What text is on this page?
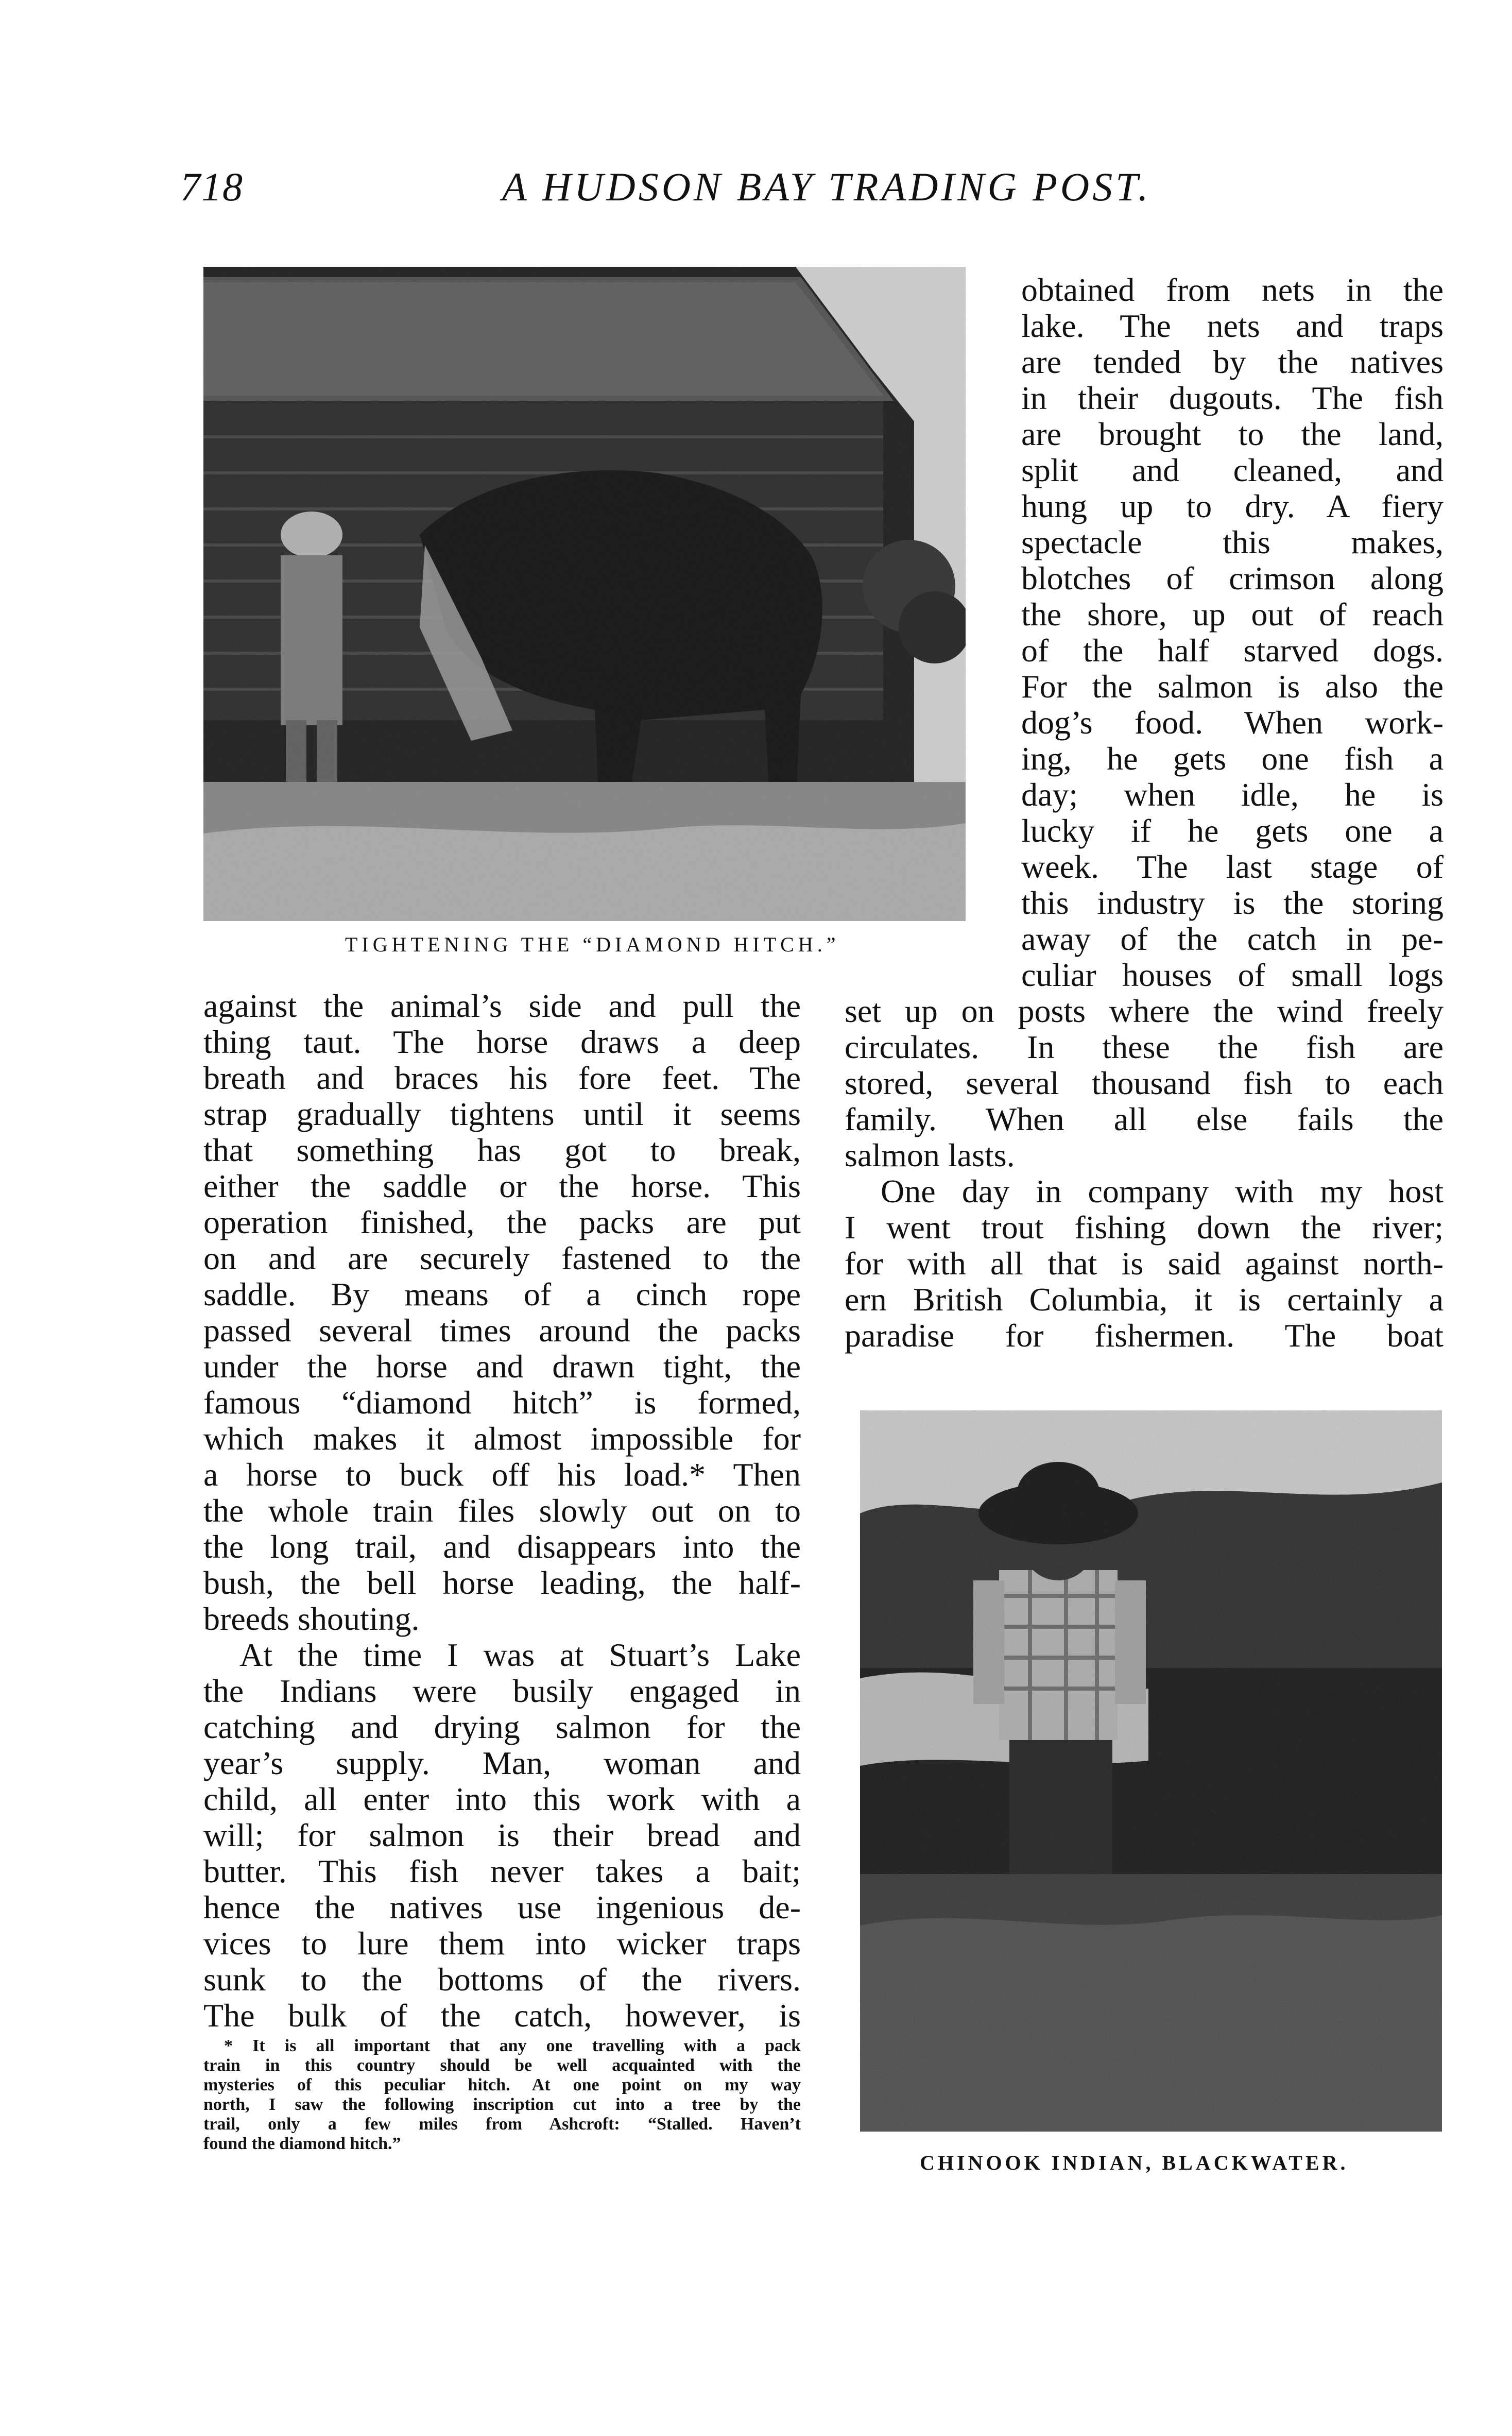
718	A HUDSON BAY TRADING POST.
TIGHTENING THE “DIAMOND HITCH.”
obtained from nets in the
lake. The nets and traps
are tended by the natives
in their dugouts. The fish
are brought to the land,
split and cleaned, and
hung up to dry. A fiery
spectacle this makes,
blotches of crimson along
the shore, up out of reach
of the half starved dogs.
For the salmon is also the
dog’s food. When work-
ing, he gets one fish a
day; when idle, he is
lucky if he gets one a
week. The last stage of
this industry is the storing
away of the catch in pe-
culiar houses of small logs
set up on posts where the wind freely
circulates. In these the fish are
stored, several thousand fish to each
family. When all else fails the
salmon lasts.
One day in company with my host
I went trout fishing down the river;
for with all that is said against north-
ern British Columbia, it is certainly a
paradise for fishermen. The boat
against the animal’s side and pull the
thing taut. The horse draws a deep
breath and braces his fore feet. The
strap gradually tightens until it seems
that something has got to break,
either the saddle or the horse. This
operation finished, the packs are put
on and are securely fastened to the
saddle. By means of a cinch rope
passed several times around the packs
under the horse and drawn tight, the
famous “diamond hitch” is formed,
which makes it almost impossible for
a horse to buck off his load.* Then
the whole train files slowly out on to
the long trail, and disappears into the
bush, the bell horse leading, the half-
breeds shouting.
At the time I was at Stuart’s Lake
the Indians were busily engaged in
catching and drying salmon for the
year’s supply. Man, woman and
child, all enter into this work with a
will; for salmon is their bread and
butter. This fish never takes a bait;
hence the natives use ingenious de-
vices to lure them into wicker traps
sunk to the bottoms of the rivers.
The bulk of the catch, however, is
* It is all important that any one travelling with a pack
train in this country should be well acquainted with the
mysteries of this peculiar hitch. At one point on my way
north, I saw the following inscription cut into a tree by the
trail, only a few miles from Ashcroft: “Stalled. Haven’t
found the diamond hitch.”
CHINOOK INDIAN, BLACKWATER.
